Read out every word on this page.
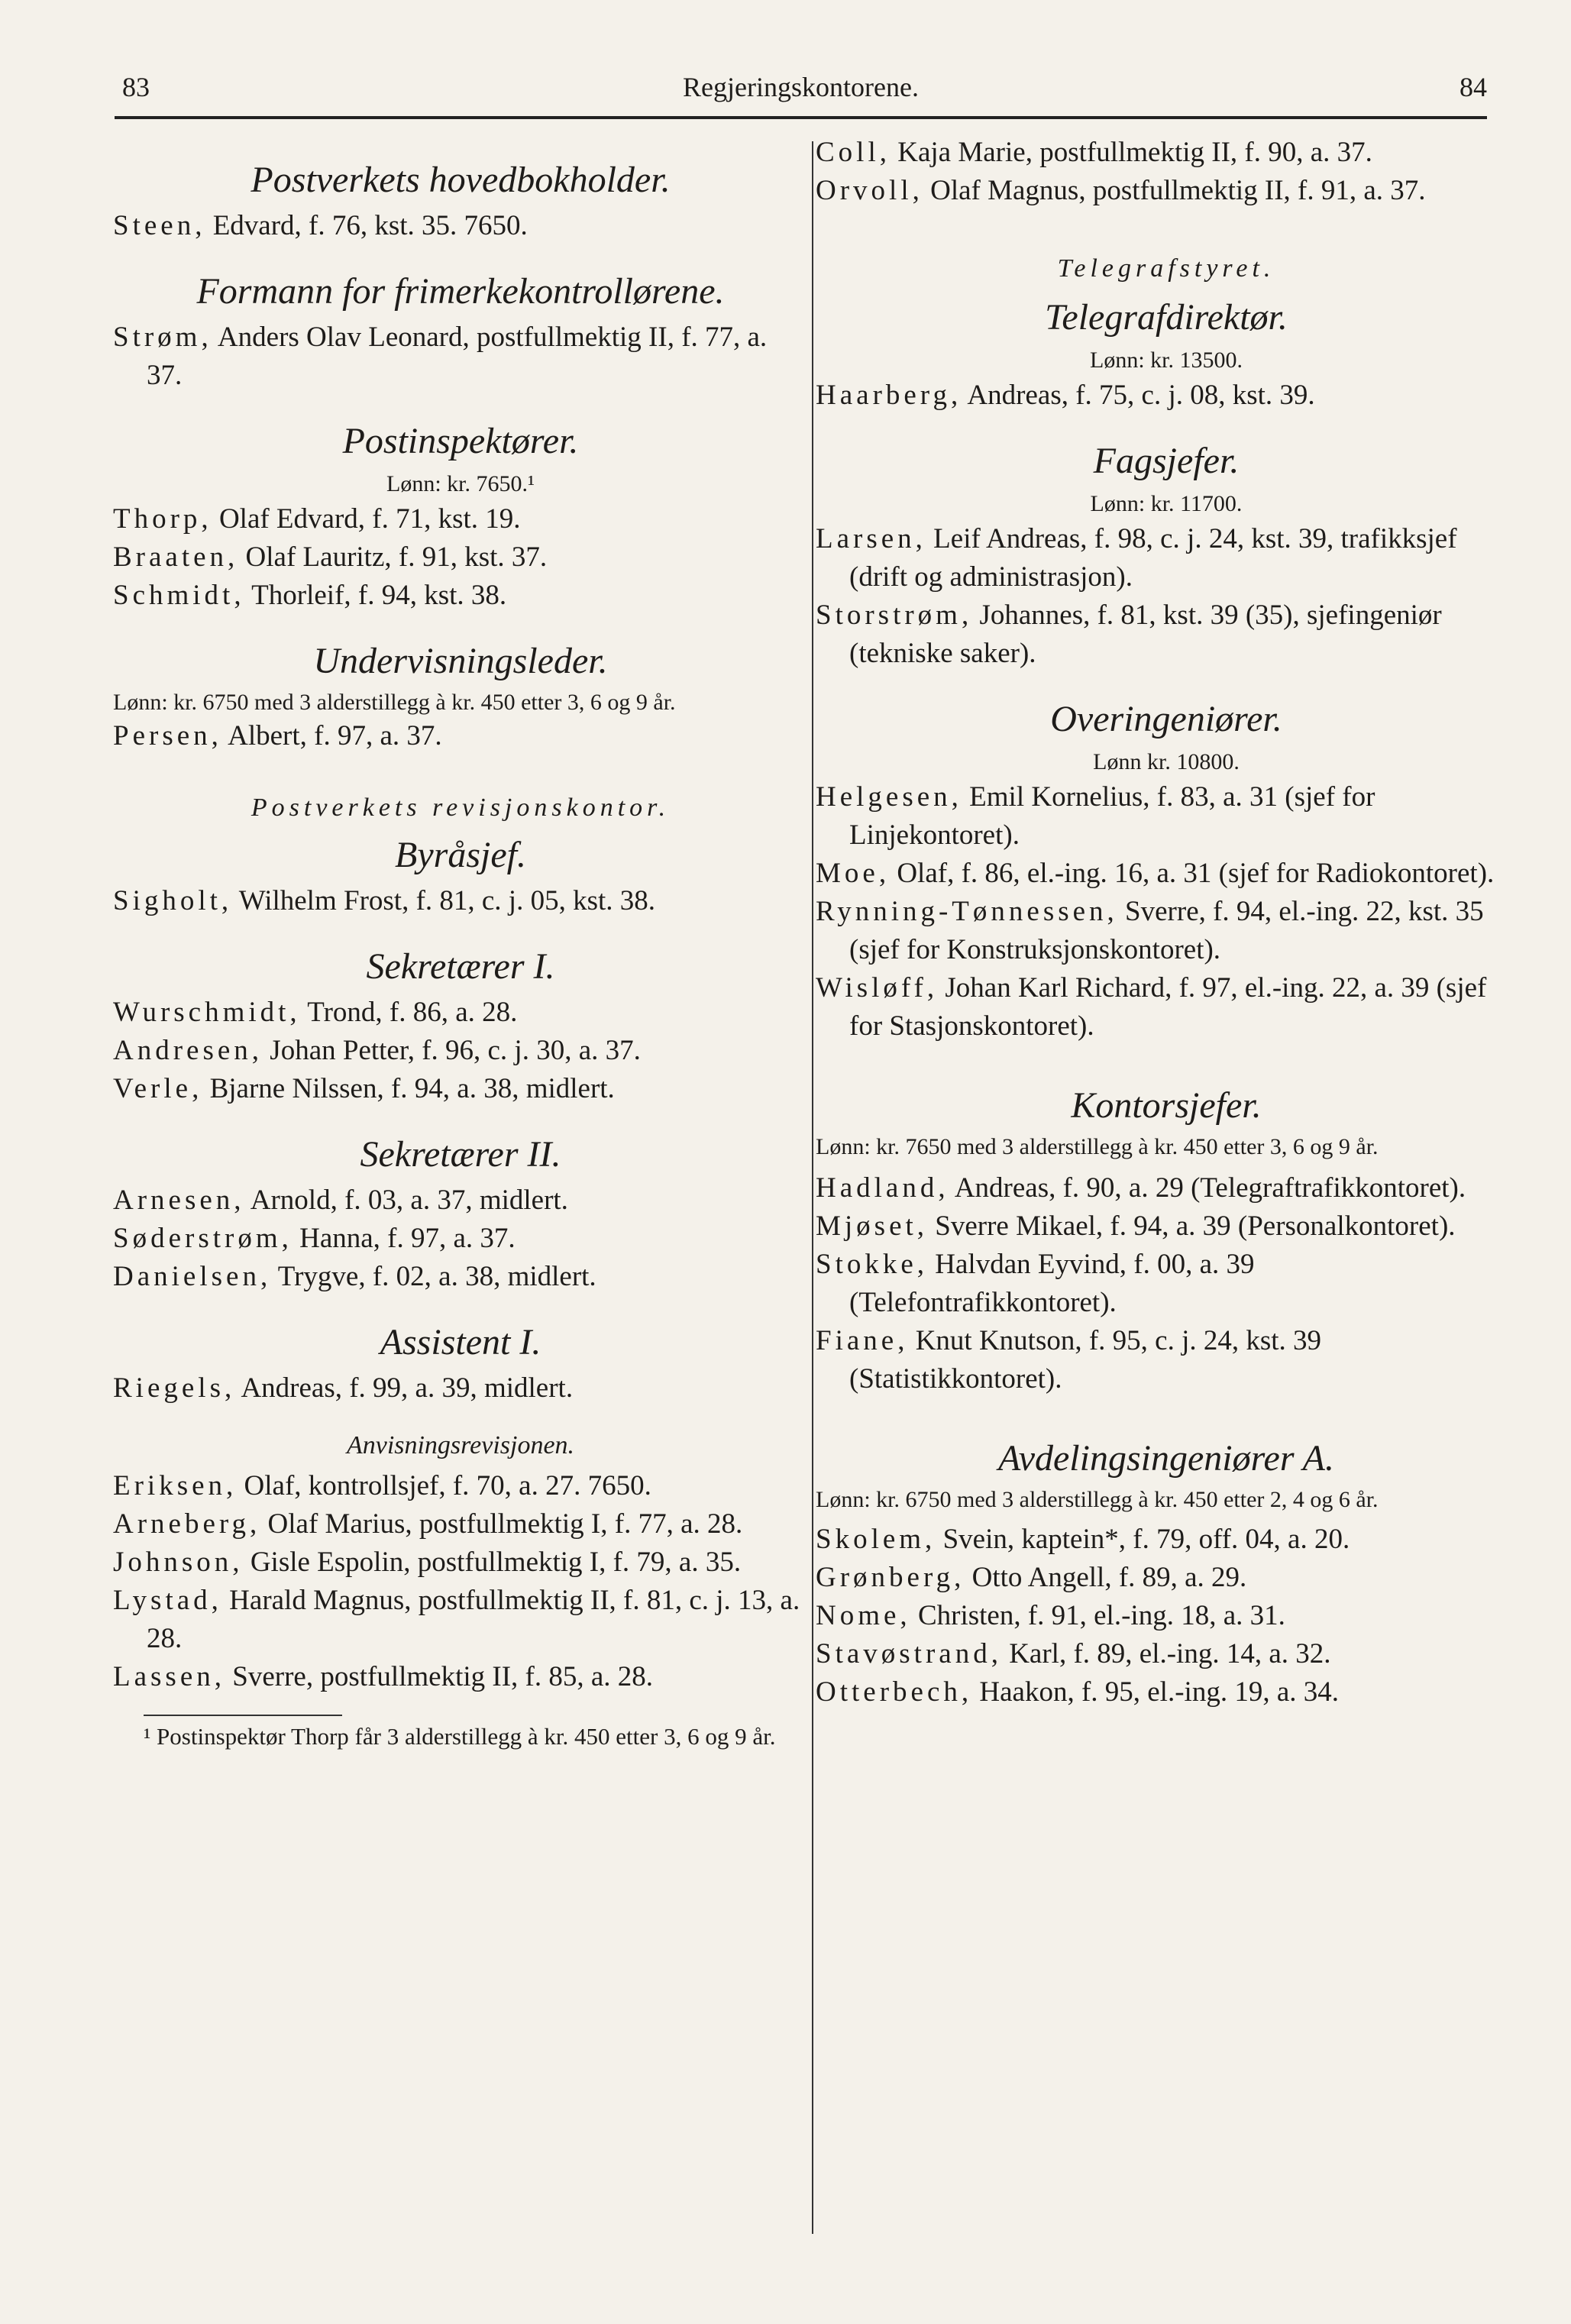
83	Regjeringskontorene.	84
Postverkets hovedbokholder.
Steen, Edvard, f. 76, kst. 35. 7650.
Formann for frimerkekontrollørene.
Strøm, Anders Olav Leonard, postfullmektig II, f. 77, a. 37.
Postinspektører.
Lønn: kr. 7650.¹
Thorp, Olaf Edvard, f. 71, kst. 19.
Braaten, Olaf Lauritz, f. 91, kst. 37.
Schmidt, Thorleif, f. 94, kst. 38.
Undervisningsleder.
Lønn: kr. 6750 med 3 alderstillegg à kr. 450 etter 3, 6 og 9 år.
Persen, Albert, f. 97, a. 37.
Postverkets revisjonskontor.
Byråsjef.
Sigholt, Wilhelm Frost, f. 81, c. j. 05, kst. 38.
Sekretærer I.
Wurschmidt, Trond, f. 86, a. 28.
Andresen, Johan Petter, f. 96, c. j. 30, a. 37.
Verle, Bjarne Nilssen, f. 94, a. 38, midlert.
Sekretærer II.
Arnesen, Arnold, f. 03, a. 37, midlert.
Søderstrøm, Hanna, f. 97, a. 37.
Danielsen, Trygve, f. 02, a. 38, midlert.
Assistent I.
Riegels, Andreas, f. 99, a. 39, midlert.
Anvisningsrevisjonen.
Eriksen, Olaf, kontrollsjef, f. 70, a. 27. 7650.
Arneberg, Olaf Marius, postfullmektig I, f. 77, a. 28.
Johnson, Gisle Espolin, postfullmektig I, f. 79, a. 35.
Lystad, Harald Magnus, postfullmektig II, f. 81, c. j. 13, a. 28.
Lassen, Sverre, postfullmektig II, f. 85, a. 28.
¹ Postinspektør Thorp får 3 alderstillegg à kr. 450 etter 3, 6 og 9 år.
Coll, Kaja Marie, postfullmektig II, f. 90, a. 37.
Orvoll, Olaf Magnus, postfullmektig II, f. 91, a. 37.
Telegrafstyret.
Telegrafdirektør.
Lønn: kr. 13500.
Haarberg, Andreas, f. 75, c. j. 08, kst. 39.
Fagsjefer.
Lønn: kr. 11700.
Larsen, Leif Andreas, f. 98, c. j. 24, kst. 39, trafikksjef (drift og administrasjon).
Storstrøm, Johannes, f. 81, kst. 39 (35), sjefingeniør (tekniske saker).
Overingeniører.
Lønn kr. 10800.
Helgesen, Emil Kornelius, f. 83, a. 31 (sjef for Linjekontoret).
Moe, Olaf, f. 86, el.-ing. 16, a. 31 (sjef for Radiokontoret).
Rynning-Tønnessen, Sverre, f. 94, el.-ing. 22, kst. 35 (sjef for Konstruksjonskontoret).
Wisløff, Johan Karl Richard, f. 97, el.-ing. 22, a. 39 (sjef for Stasjonskontoret).
Kontorsjefer.
Lønn: kr. 7650 med 3 alderstillegg à kr. 450 etter 3, 6 og 9 år.
Hadland, Andreas, f. 90, a. 29 (Telegraftrafikkontoret).
Mjøset, Sverre Mikael, f. 94, a. 39 (Personalkontoret).
Stokke, Halvdan Eyvind, f. 00, a. 39 (Telefontrafikkontoret).
Fiane, Knut Knutson, f. 95, c. j. 24, kst. 39 (Statistikkontoret).
Avdelingsingeniører A.
Lønn: kr. 6750 med 3 alderstillegg à kr. 450 etter 2, 4 og 6 år.
Skolem, Svein, kaptein*, f. 79, off. 04, a. 20.
Grønberg, Otto Angell, f. 89, a. 29.
Nome, Christen, f. 91, el.-ing. 18, a. 31.
Stavøstrand, Karl, f. 89, el.-ing. 14, a. 32.
Otterbech, Haakon, f. 95, el.-ing. 19, a. 34.
